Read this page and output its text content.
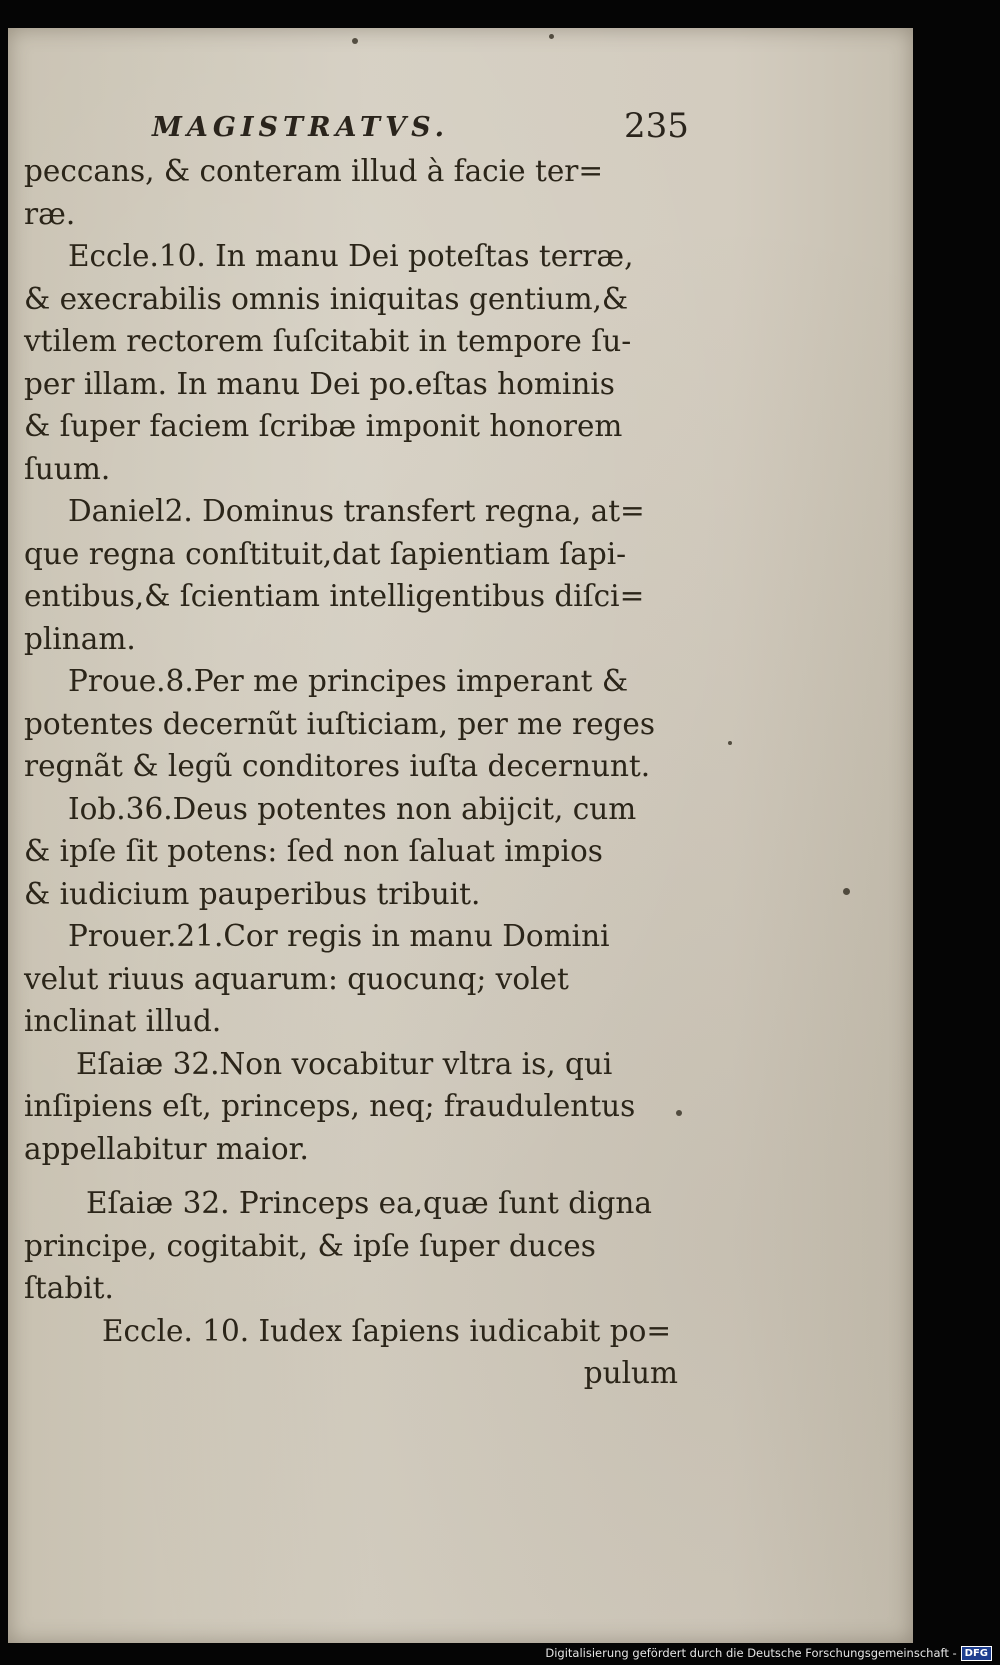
MAGISTRATVS.	235
peccans, & conteram illud à facie ter=
ræ.
Eccle.10. In manu Dei poteſtas terræ,
& execrabilis omnis iniquitas gentium,&
vtilem rectorem ſuſcitabit in tempore ſu-
per illam. In manu Dei po.eſtas hominis
& ſuper faciem ſcribæ imponit honorem
ſuum.
Daniel2. Dominus transfert regna, at=
que regna conſtituit,dat ſapientiam ſapi-
entibus,& ſcientiam intelligentibus diſci=
plinam.
Proue.8.Per me principes imperant &
potentes decernũt iuſticiam, per me reges
regnãt & legũ conditores iuſta decernunt.
Iob.36.Deus potentes non abijcit, cum
& ipſe ſit potens: ſed non ſaluat impios
& iudicium pauperibus tribuit.
Prouer.21.Cor regis in manu Domini
velut riuus aquarum: quocunq; volet
inclinat illud.
Eſaiæ 32.Non vocabitur vltra is, qui
inſipiens eſt, princeps, neq; fraudulentus
appellabitur maior.
Eſaiæ 32. Princeps ea,quæ ſunt digna
principe, cogitabit, & ipſe ſuper duces
ſtabit.
Eccle. 10. Iudex ſapiens iudicabit po=
pulum
Digitalisierung gefördert durch die Deutsche Forschungsgemeinschaft - DFG
